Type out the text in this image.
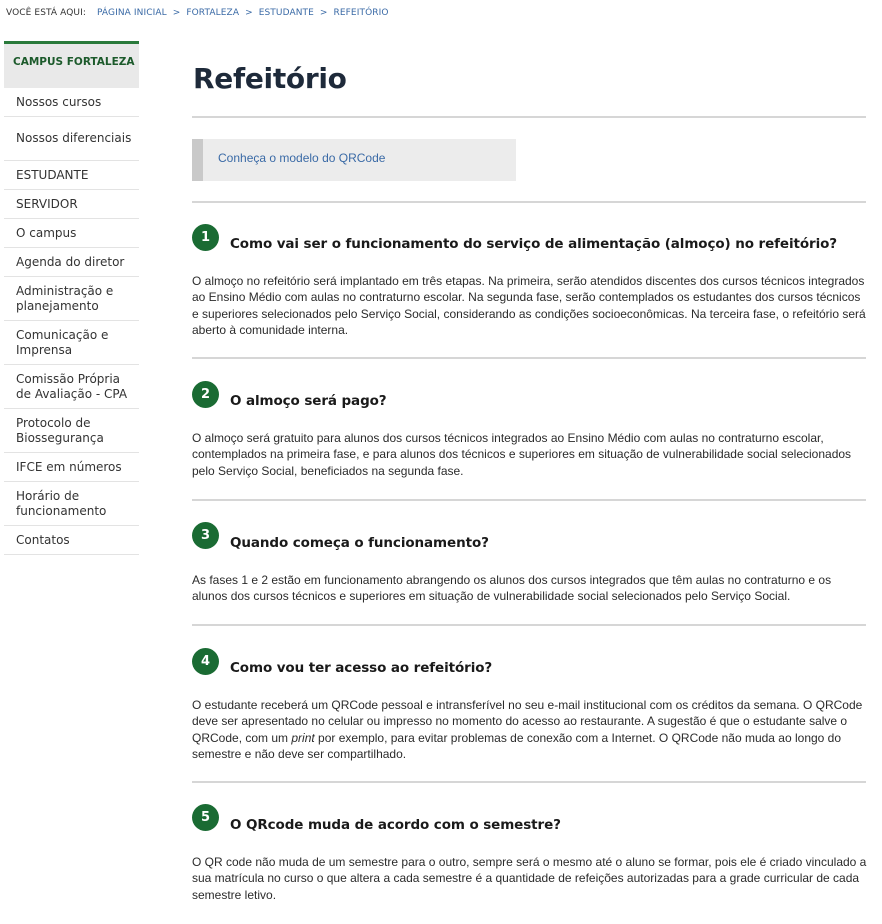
VOCÊ ESTÁ AQUI: PÁGINA INICIAL > FORTALEZA > ESTUDANTE > REFEITÓRIO
CAMPUS FORTALEZA
Nossos cursos
Nossos diferenciais
ESTUDANTE
SERVIDOR
O campus
Agenda do diretor
Administração e planejamento
Comunicação e Imprensa
Comissão Própria de Avaliação - CPA
Protocolo de Biossegurança
IFCE em números
Horário de funcionamento
Contatos
Refeitório
Conheça o modelo do QRCode
1	Como vai ser o funcionamento do serviço de alimentação (almoço) no refeitório?

O almoço no refeitório será implantado em três etapas. Na primeira, serão atendidos discentes dos cursos técnicos integrados ao Ensino Médio com aulas no contraturno escolar. Na segunda fase, serão contemplados os estudantes dos cursos técnicos e superiores selecionados pelo Serviço Social, considerando as condições socioeconômicas. Na terceira fase, o refeitório será aberto à comunidade interna.

2	O almoço será pago?

O almoço será gratuito para alunos dos cursos técnicos integrados ao Ensino Médio com aulas no contraturno escolar, contemplados na primeira fase, e para alunos dos técnicos e superiores em situação de vulnerabilidade social selecionados pelo Serviço Social, beneficiados na segunda fase.

3	Quando começa o funcionamento?

As fases 1 e 2 estão em funcionamento abrangendo os alunos dos cursos integrados que têm aulas no contraturno e os alunos dos cursos técnicos e superiores em situação de vulnerabilidade social selecionados pelo Serviço Social.

4	Como vou ter acesso ao refeitório?

O estudante receberá um QRCode pessoal e intransferível no seu e-mail institucional com os créditos da semana. O QRCode deve ser apresentado no celular ou impresso no momento do acesso ao restaurante. A sugestão é que o estudante salve o QRCode, com um print por exemplo, para evitar problemas de conexão com a Internet. O QRCode não muda ao longo do semestre e não deve ser compartilhado.

5	O QRcode muda de acordo com o semestre?

O QR code não muda de um semestre para o outro, sempre será o mesmo até o aluno se formar, pois ele é criado vinculado a sua matrícula no curso o que altera a cada semestre é a quantidade de refeições autorizadas para a grade curricular de cada semestre letivo.
